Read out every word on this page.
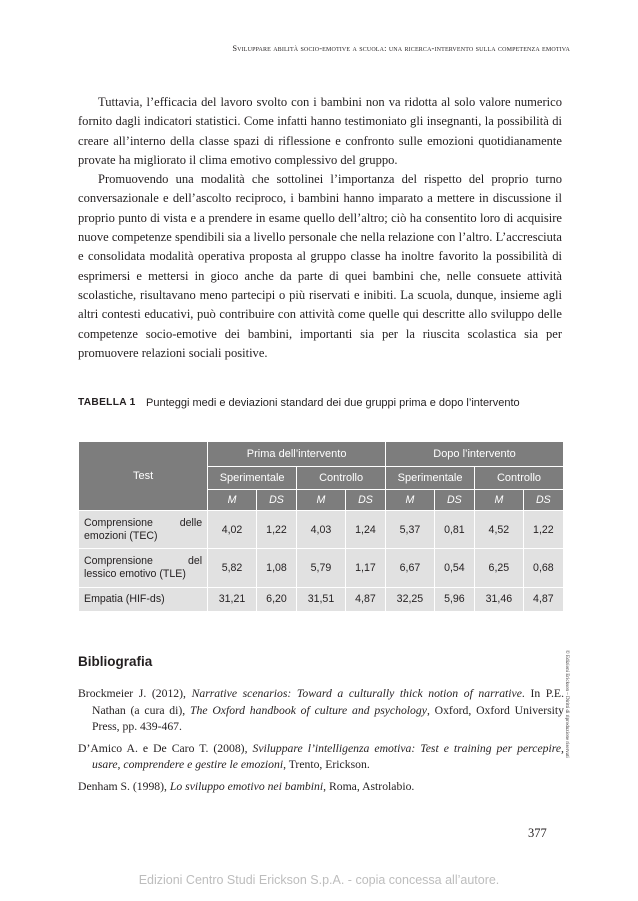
Sviluppare abilità socio-emotive a scuola: una ricerca-intervento sulla competenza emotiva

Tuttavia, l’efficacia del lavoro svolto con i bambini non va ridotta al solo valore numerico fornito dagli indicatori statistici. Come infatti hanno testimoniato gli insegnanti, la possibilità di creare all’interno della classe spazi di riflessione e confronto sulle emozioni quotidianamente provate ha migliorato il clima emotivo complessivo del gruppo.

Promuovendo una modalità che sottolinei l’importanza del rispetto del proprio turno conversazionale e dell’ascolto reciproco, i bambini hanno imparato a mettere in discussione il proprio punto di vista e a prendere in esame quello dell’altro; ciò ha consentito loro di acquisire nuove competenze spendibili sia a livello personale che nella relazione con l’altro. L’accresciuta e consolidata modalità operativa proposta al gruppo classe ha inoltre favorito la possibilità di esprimersi e mettersi in gioco anche da parte di quei bambini che, nelle consuete attività scolastiche, risultavano meno partecipi o più riservati e inibiti. La scuola, dunque, insieme agli altri contesti educativi, può contribuire con attività come quelle qui descritte allo sviluppo delle competenze socio-emotive dei bambini, importanti sia per la riuscita scolastica sia per promuovere relazioni sociali positive.

TABELLA 1 Punteggi medi e deviazioni standard dei due gruppi prima e dopo l’intervento
Test	Prima dell’intervento				Dopo l’intervento			
	Sperimentale		Controllo		Sperimentale		Controllo	
	M	DS	M	DS	M	DS	M	DS
Comprensione delle emozioni (TEC)	4,02	1,22	4,03	1,24	5,37	0,81	4,52	1,22
Comprensione del lessico emotivo (TLE)	5,82	1,08	5,79	1,17	6,67	0,54	6,25	0,68
Empatia (HIF-ds)	31,21	6,20	31,51	4,87	32,25	5,96	31,46	4,87
Bibliografia

Brockmeier J. (2012), Narrative scenarios: Toward a culturally thick notion of narrative. In P.E. Nathan (a cura di), The Oxford handbook of culture and psychology, Oxford, Oxford University Press, pp. 439-467.

D’Amico A. e De Caro T. (2008), Sviluppare l’intelligenza emotiva: Test e training per percepire, usare, comprendere e gestire le emozioni, Trento, Erickson.

Denham S. (1998), Lo sviluppo emotivo nei bambini, Roma, Astrolabio.

© Edizioni Erickson – Diritti di riproduzione riservati
377
Edizioni Centro Studi Erickson S.p.A. - copia concessa all’autore.
